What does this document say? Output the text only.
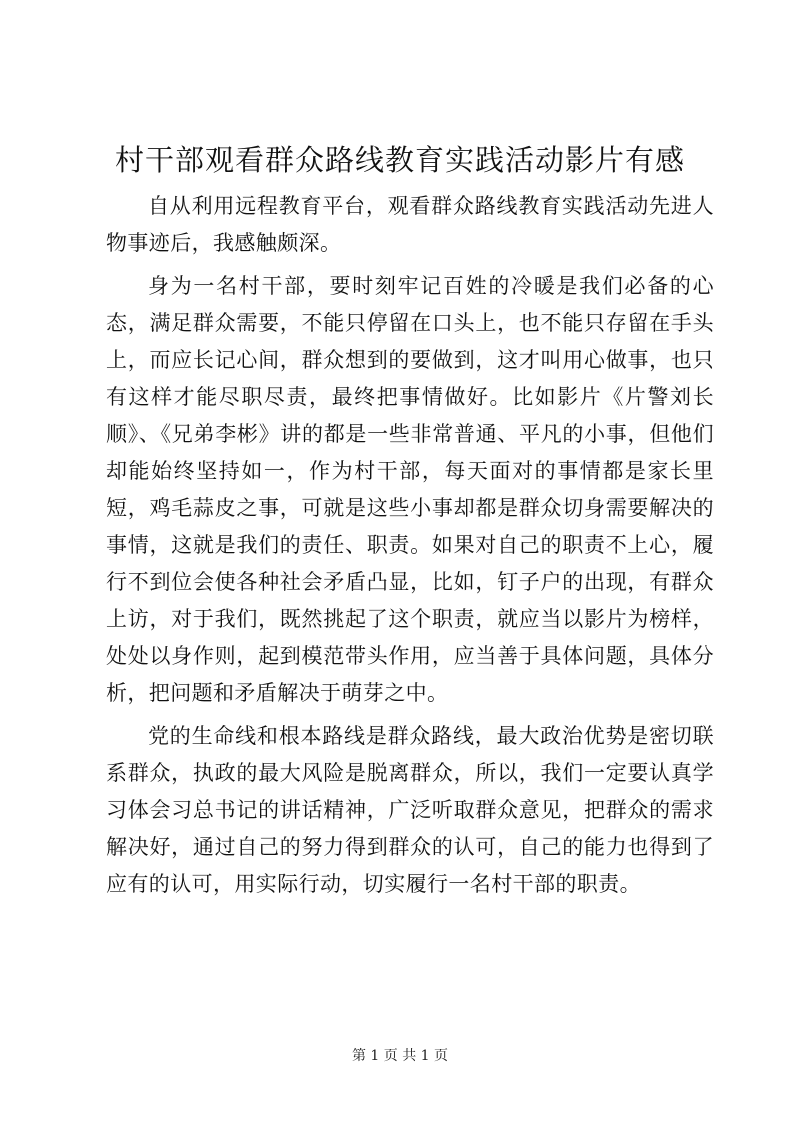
村干部观看群众路线教育实践活动影片有感

自从利用远程教育平台，观看群众路线教育实践活动先进人物事迹后，我感触颇深。

身为一名村干部，要时刻牢记百姓的冷暖是我们必备的心态，满足群众需要，不能只停留在口头上，也不能只存留在手头上，而应长记心间，群众想到的要做到，这才叫用心做事，也只有这样才能尽职尽责，最终把事情做好。比如影片《片警刘长顺》、《兄弟李彬》讲的都是一些非常普通、平凡的小事，但他们却能始终坚持如一，作为村干部，每天面对的事情都是家长里短，鸡毛蒜皮之事，可就是这些小事却都是群众切身需要解决的事情，这就是我们的责任、职责。如果对自己的职责不上心，履行不到位会使各种社会矛盾凸显，比如，钉子户的出现，有群众上访，对于我们，既然挑起了这个职责，就应当以影片为榜样，处处以身作则，起到模范带头作用，应当善于具体问题，具体分析，把问题和矛盾解决于萌芽之中。

党的生命线和根本路线是群众路线，最大政治优势是密切联系群众，执政的最大风险是脱离群众，所以，我们一定要认真学习体会习总书记的讲话精神，广泛听取群众意见，把群众的需求解决好，通过自己的努力得到群众的认可，自己的能力也得到了应有的认可，用实际行动，切实履行一名村干部的职责。

第 1 页 共 1 页
